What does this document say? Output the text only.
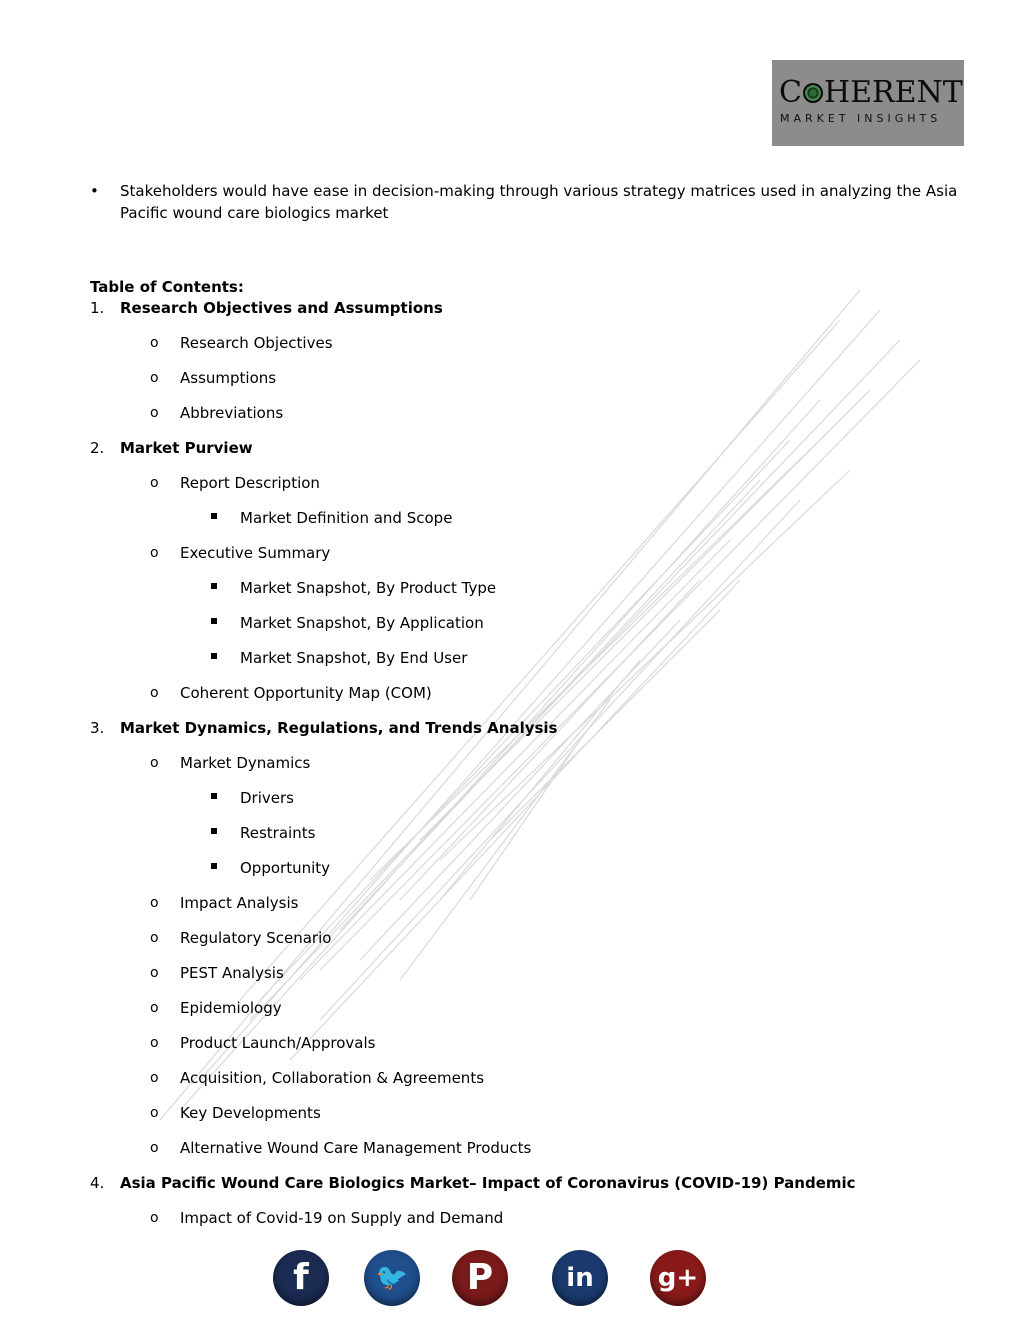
C HERENT
MARKET INSIGHTS
• Stakeholders would have ease in decision-making through various strategy matrices used in analyzing the Asia Pacific wound care biologics market
Table of Contents:
1. Research Objectives and Assumptions
o Research Objectives
o Assumptions
o Abbreviations
2. Market Purview
o Report Description
Market Definition and Scope
o Executive Summary
Market Snapshot, By Product Type
Market Snapshot, By Application
Market Snapshot, By End User
o Coherent Opportunity Map (COM)
3. Market Dynamics, Regulations, and Trends Analysis
o Market Dynamics
Drivers
Restraints
Opportunity
o Impact Analysis
o Regulatory Scenario
o PEST Analysis
o Epidemiology
o Product Launch/Approvals
o Acquisition, Collaboration & Agreements
o Key Developments
o Alternative Wound Care Management Products
4. Asia Pacific Wound Care Biologics Market– Impact of Coronavirus (COVID-19) Pandemic
o Impact of Covid-19 on Supply and Demand
f	🐦	P	in	g+
